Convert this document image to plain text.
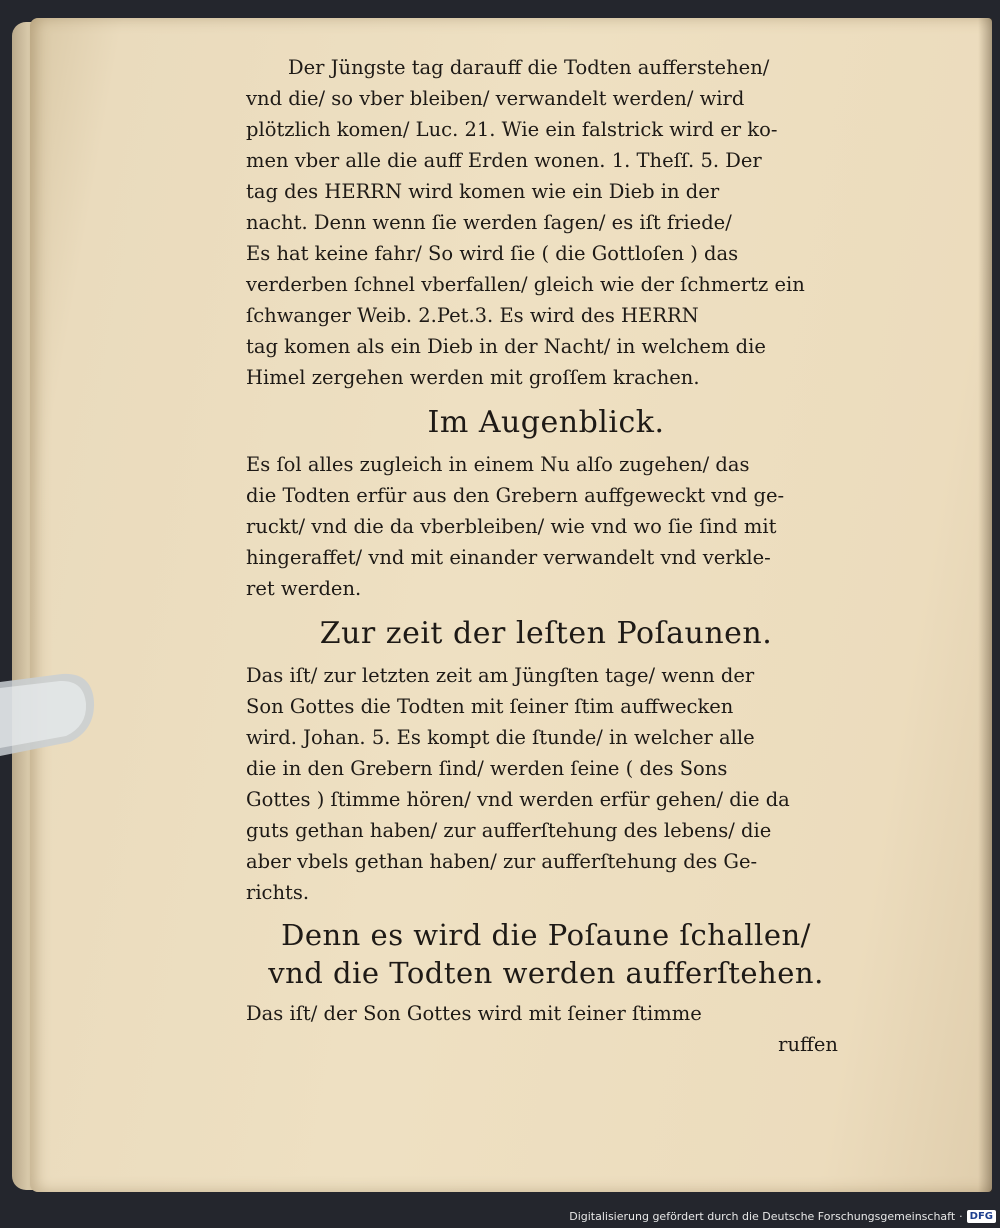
Der Jüngste tag darauff die Todten aufferstehen/
vnd die/ so vber bleiben/ verwandelt werden/ wird
plötzlich komen/ Luc. 21. Wie ein falstrick wird er ko-
men vber alle die auff Erden wonen. 1. Theſſ. 5. Der
tag des HERRN wird komen wie ein Dieb in der
nacht. Denn wenn ſie werden ſagen/ es iſt friede/
Es hat keine fahr/ So wird ſie ( die Gottloſen ) das
verderben ſchnel vberfallen/ gleich wie der ſchmertz ein
ſchwanger Weib. 2.Pet.3. Es wird des HERRN
tag komen als ein Dieb in der Nacht/ in welchem die
Himel zergehen werden mit groſſem krachen.
Im Augenblick.
Es ſol alles zugleich in einem Nu alſo zugehen/ das
die Todten erfür aus den Grebern auffgeweckt vnd ge-
ruckt/ vnd die da vberbleiben/ wie vnd wo ſie ſind mit
hingeraffet/ vnd mit einander verwandelt vnd verkle-
ret werden.
Zur zeit der leſten Poſaunen.
Das iſt/ zur letzten zeit am Jüngſten tage/ wenn der
Son Gottes die Todten mit ſeiner ſtim auffwecken
wird. Johan. 5. Es kompt die ſtunde/ in welcher alle
die in den Grebern ſind/ werden ſeine ( des Sons
Gottes ) ſtimme hören/ vnd werden erfür gehen/ die da
guts gethan haben/ zur aufferſtehung des lebens/ die
aber vbels gethan haben/ zur aufferſtehung des Ge-
richts.
Denn es wird die Poſaune ſchallen/
vnd die Todten werden aufferſtehen.
Das iſt/ der Son Gottes wird mit ſeiner ſtimme
ruffen
Digitalisierung gefördert durch die Deutsche Forschungsgemeinschaft · DFG
